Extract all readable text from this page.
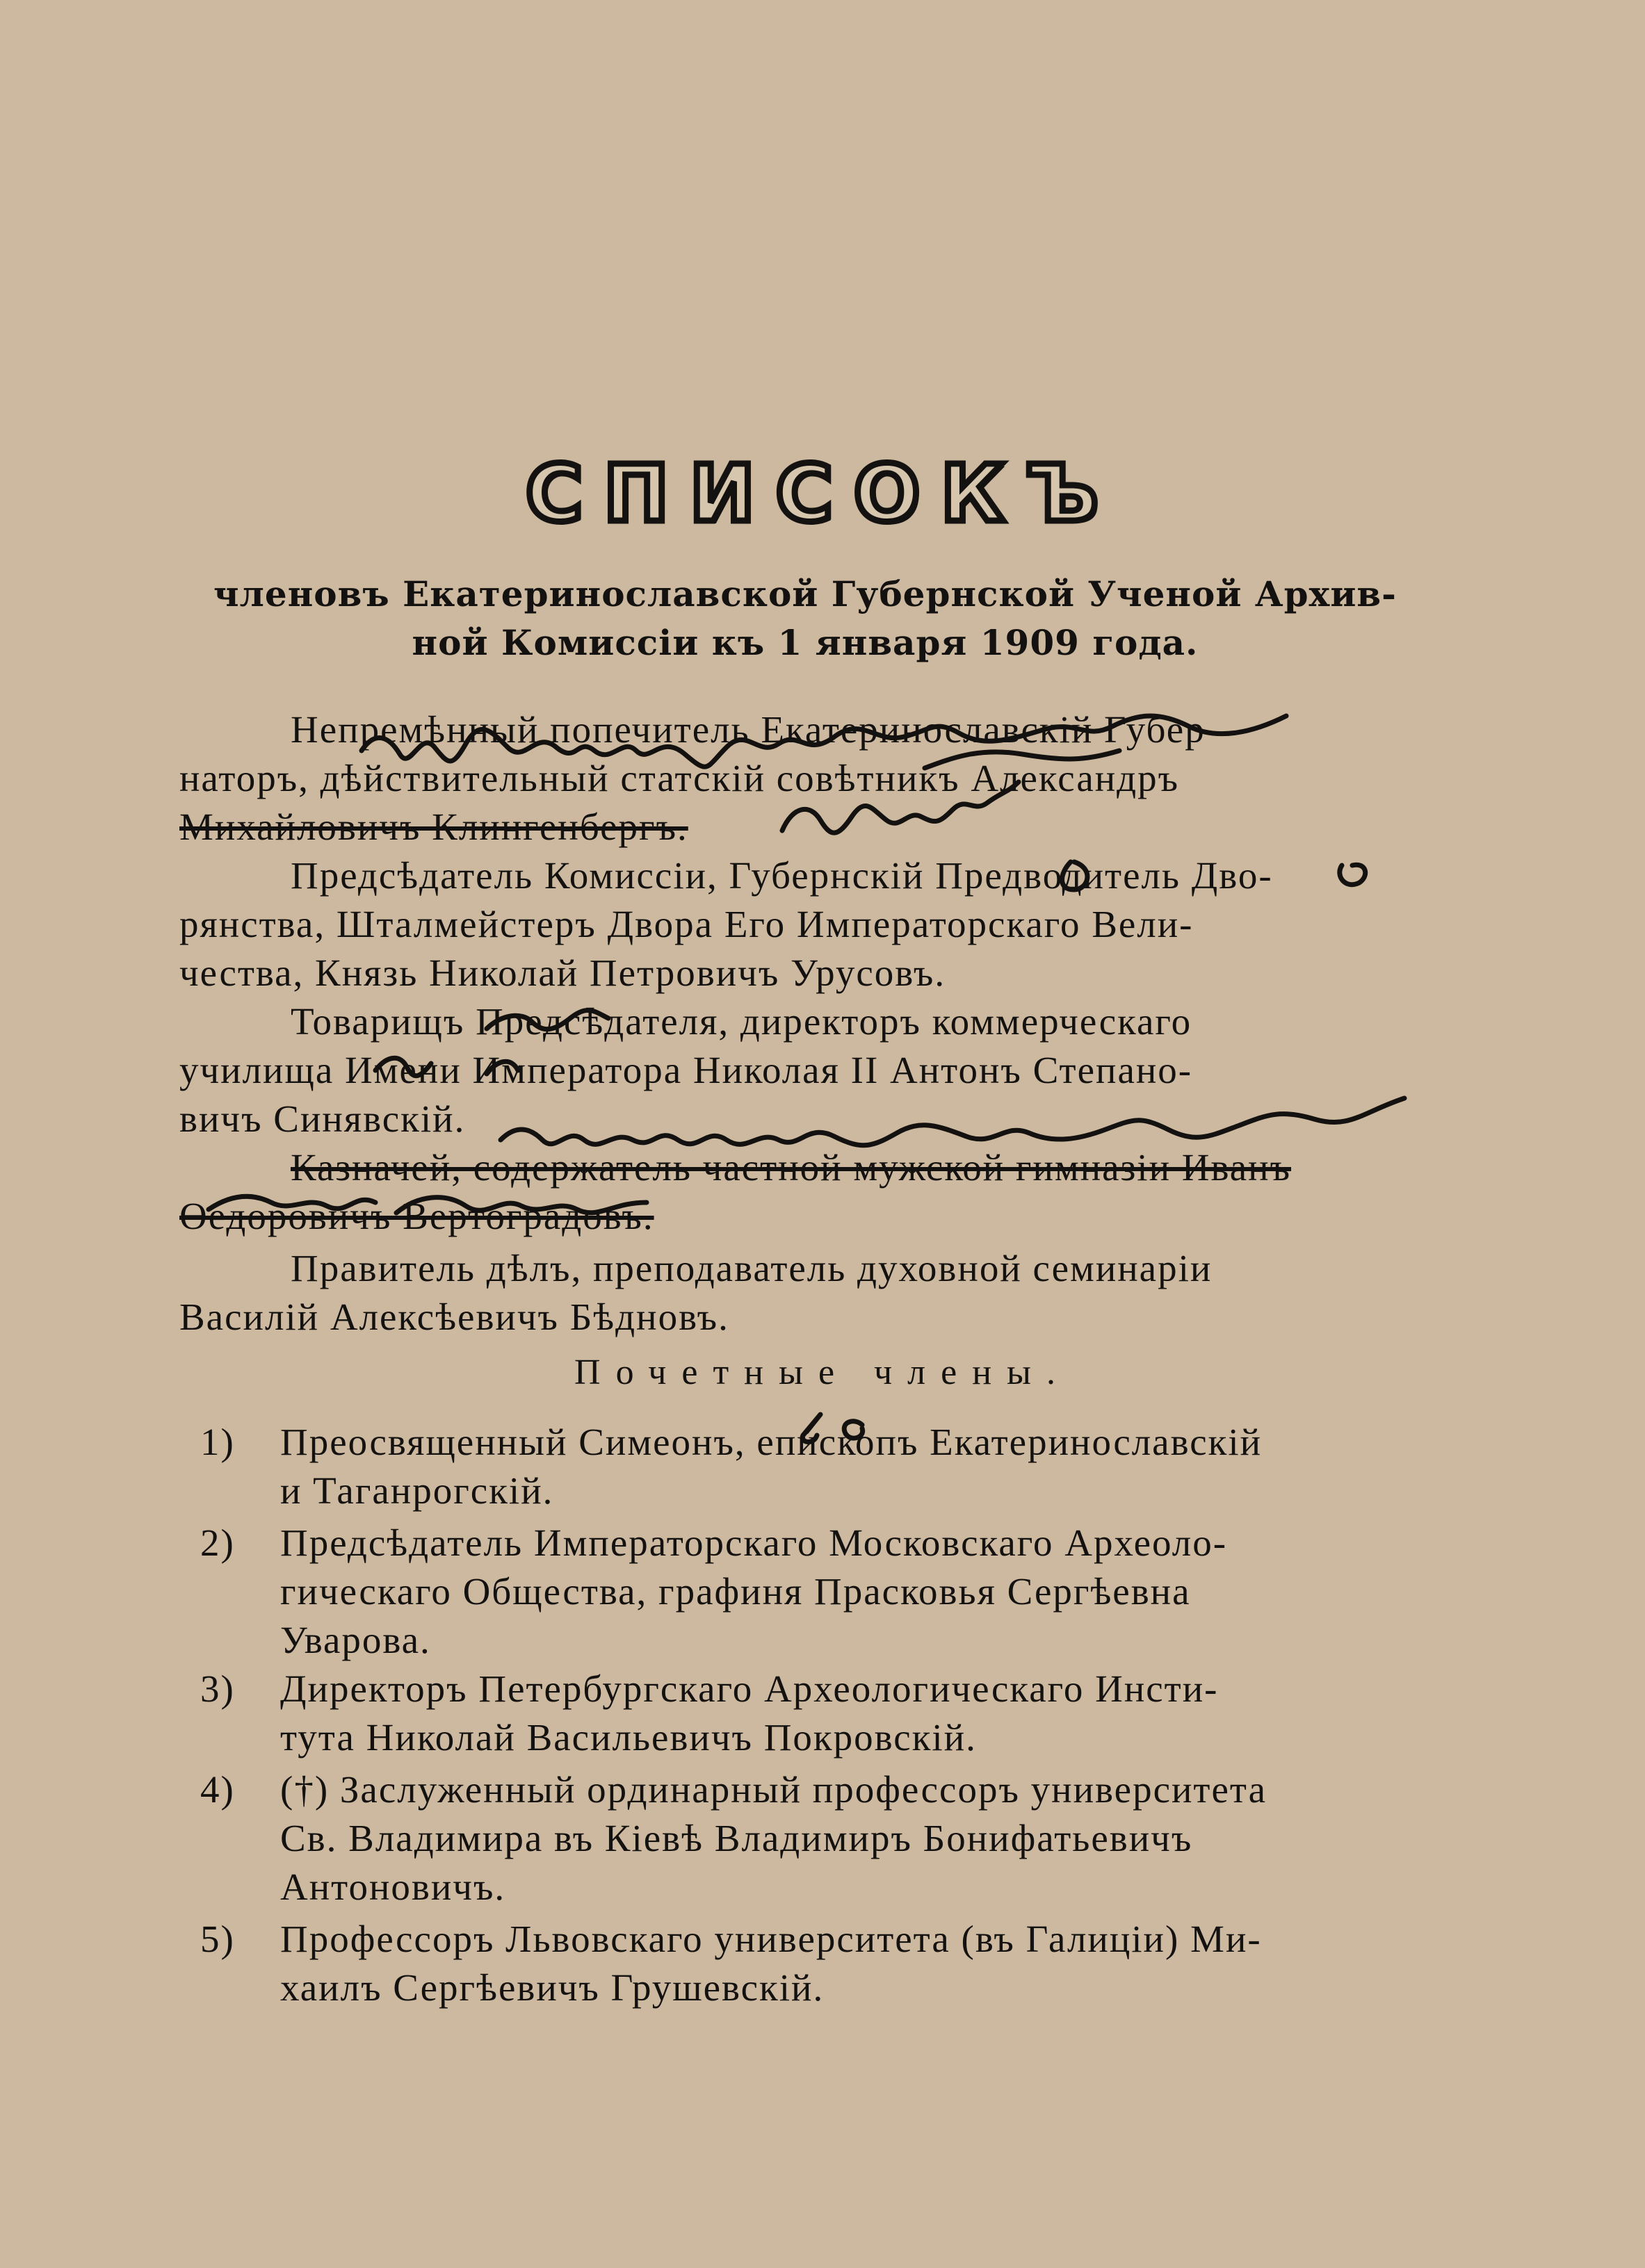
СПИСОКЪ
членовъ Екатеринославской Губернской Ученой Архив-
ной Комиссіи къ 1 января 1909 года.
Непремѣнный попечитель Екатеринославскій Губер-
наторъ, дѣйствительный статскій совѣтникъ Александръ
Михайловичъ Клингенбергъ.
Предсѣдатель Комиссіи, Губернскій Предводитель Дво-
рянства, Шталмейстеръ Двора Его Императорскаго Вели-
чества, Князь Николай Петровичъ Урусовъ.
Товарищъ Предсѣдателя, директоръ коммерческаго
училища Имени Императора Николая II Антонъ Степано-
вичъ Синявскій.
Казначей, содержатель частной мужской гимназіи Иванъ
Өедоровичъ Вертоградовъ.
Правитель дѣлъ, преподаватель духовной семинаріи
Василій Алексѣевичъ Бѣдновъ.
Почетные члены.
1) Преосвященный Симеонъ, епископъ Екатеринославскій
и Таганрогскій.
2) Предсѣдатель Императорскаго Московскаго Археоло-
гическаго Общества, графиня Прасковья Сергѣевна
Уварова.
3) Директоръ Петербургскаго Археологическаго Инсти-
тута Николай Васильевичъ Покровскій.
4) (†) Заслуженный ординарный профессоръ университета
Св. Владимира въ Кіевѣ Владимиръ Бонифатьевичъ
Антоновичъ.
5) Профессоръ Львовскаго университета (въ Галиціи) Ми-
хаилъ Сергѣевичъ Грушевскій.
